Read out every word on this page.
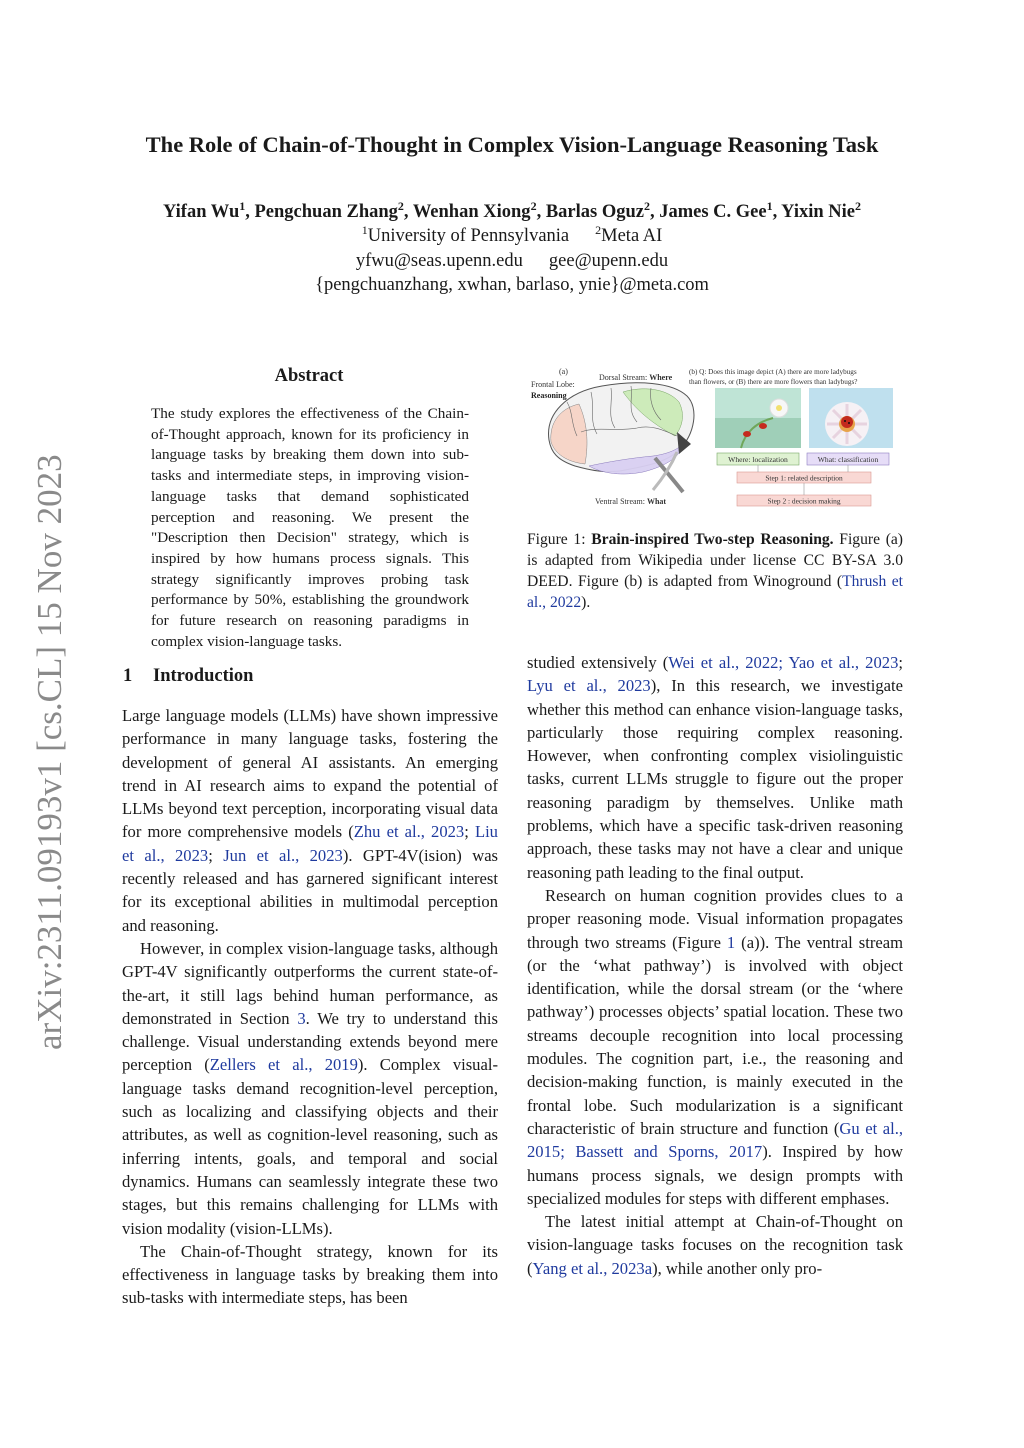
arXiv:2311.09193v1 [cs.CL] 15 Nov 2023
The Role of Chain-of-Thought in Complex Vision-Language Reasoning Task
Yifan Wu$^1$, Pengchuan Zhang$^2$, Wenhan Xiong$^2$, Barlas Oguz$^2$, James C. Gee$^1$, Yixin Nie$^2$
$^1$University of Pennsylvania $^2$Meta AI
yfwu@seas.upenn.edu gee@upenn.edu
{pengchuanzhang, xwhan, barlaso, ynie}@meta.com
Abstract
The study explores the effectiveness of the Chain-of-Thought approach, known for its proficiency in language tasks by breaking them down into sub-tasks and intermediate steps, in improving vision-language tasks that demand sophisticated perception and reasoning. We present the "Description then Decision" strategy, which is inspired by how humans process signals. This strategy significantly improves probing task performance by 50%, establishing the groundwork for future research on reasoning paradigms in complex vision-language tasks.
1 Introduction

Large language models (LLMs) have shown impressive performance in many language tasks, fostering the development of general AI assistants. An emerging trend in AI research aims to expand the potential of LLMs beyond text perception, incorporating visual data for more comprehensive models (Zhu et al., 2023; Liu et al., 2023; Jun et al., 2023). GPT-4V(ision) was recently released and has garnered significant interest for its exceptional abilities in multimodal perception and reasoning.

However, in complex vision-language tasks, although GPT-4V significantly outperforms the current state-of-the-art, it still lags behind human performance, as demonstrated in Section 3. We try to understand this challenge. Visual understanding extends beyond mere perception (Zellers et al., 2019). Complex visual-language tasks demand recognition-level perception, such as localizing and classifying objects and their attributes, as well as cognition-level reasoning, such as inferring intents, goals, and temporal and social dynamics. Humans can seamlessly integrate these two stages, but this remains challenging for LLMs with vision modality (vision-LLMs).

The Chain-of-Thought strategy, known for its effectiveness in language tasks by breaking them into sub-tasks with intermediate steps, has been

(a)
Frontal Lobe:
Reasoning
Dorsal Stream: Where
Ventral Stream: What
(b) Q: Does this image depict (A) there are more ladybugs
than flowers, or (B) there are more flowers than ladybugs?
Where: localization	What: classification
Step 1: related description
Step 2 : decision making
Figure 1: Brain-inspired Two-step Reasoning. Figure (a) is adapted from Wikipedia under license CC BY-SA 3.0 DEED. Figure (b) is adapted from Winoground (Thrush et al., 2022).

studied extensively (Wei et al., 2022; Yao et al., 2023; Lyu et al., 2023), In this research, we investigate whether this method can enhance vision-language tasks, particularly those requiring complex reasoning. However, when confronting complex visiolinguistic tasks, current LLMs struggle to figure out the proper reasoning paradigm by themselves. Unlike math problems, which have a specific task-driven reasoning approach, these tasks may not have a clear and unique reasoning path leading to the final output.

Research on human cognition provides clues to a proper reasoning mode. Visual information propagates through two streams (Figure 1 (a)). The ventral stream (or the ‘what pathway’) is involved with object identification, while the dorsal stream (or the ‘where pathway’) processes objects’ spatial location. These two streams decouple recognition into local processing modules. The cognition part, i.e., the reasoning and decision-making function, is mainly executed in the frontal lobe. Such modularization is a significant characteristic of brain structure and function (Gu et al., 2015; Bassett and Sporns, 2017). Inspired by how humans process signals, we design prompts with specialized modules for steps with different emphases.

The latest initial attempt at Chain-of-Thought on vision-language tasks focuses on the recognition task (Yang et al., 2023a), while another only pro-
